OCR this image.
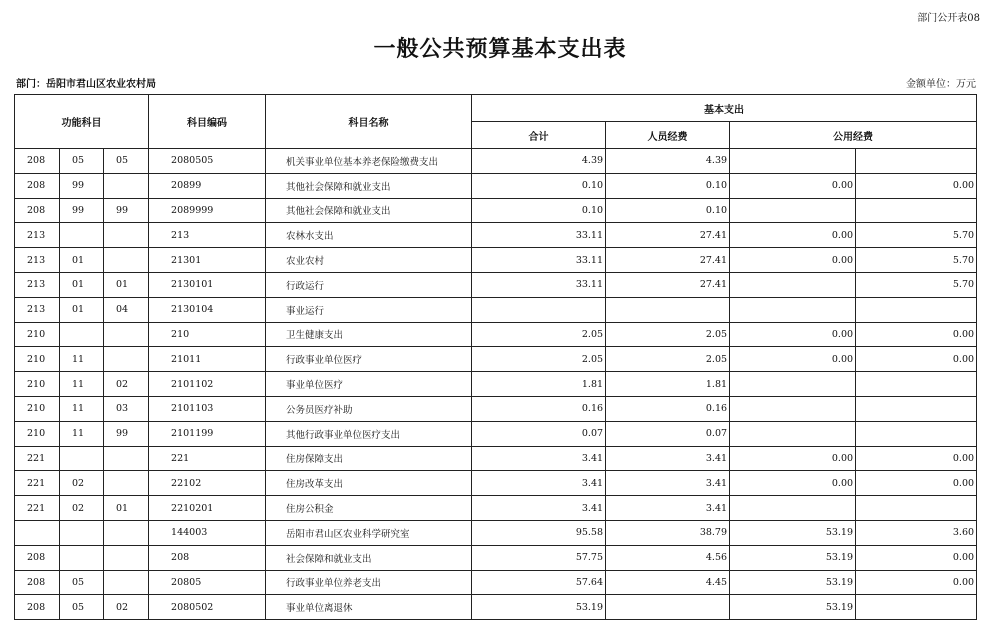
部门公开表08
一般公共预算基本支出表
部门：岳阳市君山区农业农村局	金额单位：万元
功能科目			科目编码	科目名称	基本支出			
					合计	人员经费	公用经费	
208	05	05	2080505	机关事业单位基本养老保险缴费支出	4.39	4.39		
208	99		20899	其他社会保障和就业支出	0.10	0.10	0.00	0.00
208	99	99	2089999	其他社会保障和就业支出	0.10	0.10		
213			213	农林水支出	33.11	27.41	0.00	5.70
213	01		21301	农业农村	33.11	27.41	0.00	5.70
213	01	01	2130101	行政运行	33.11	27.41		5.70
213	01	04	2130104	事业运行				
210			210	卫生健康支出	2.05	2.05	0.00	0.00
210	11		21011	行政事业单位医疗	2.05	2.05	0.00	0.00
210	11	02	2101102	事业单位医疗	1.81	1.81		
210	11	03	2101103	公务员医疗补助	0.16	0.16		
210	11	99	2101199	其他行政事业单位医疗支出	0.07	0.07		
221			221	住房保障支出	3.41	3.41	0.00	0.00
221	02		22102	住房改革支出	3.41	3.41	0.00	0.00
221	02	01	2210201	住房公积金	3.41	3.41		
			144003	岳阳市君山区农业科学研究室	95.58	38.79	53.19	3.60
208			208	社会保障和就业支出	57.75	4.56	53.19	0.00
208	05		20805	行政事业单位养老支出	57.64	4.45	53.19	0.00
208	05	02	2080502	事业单位离退休	53.19		53.19	
